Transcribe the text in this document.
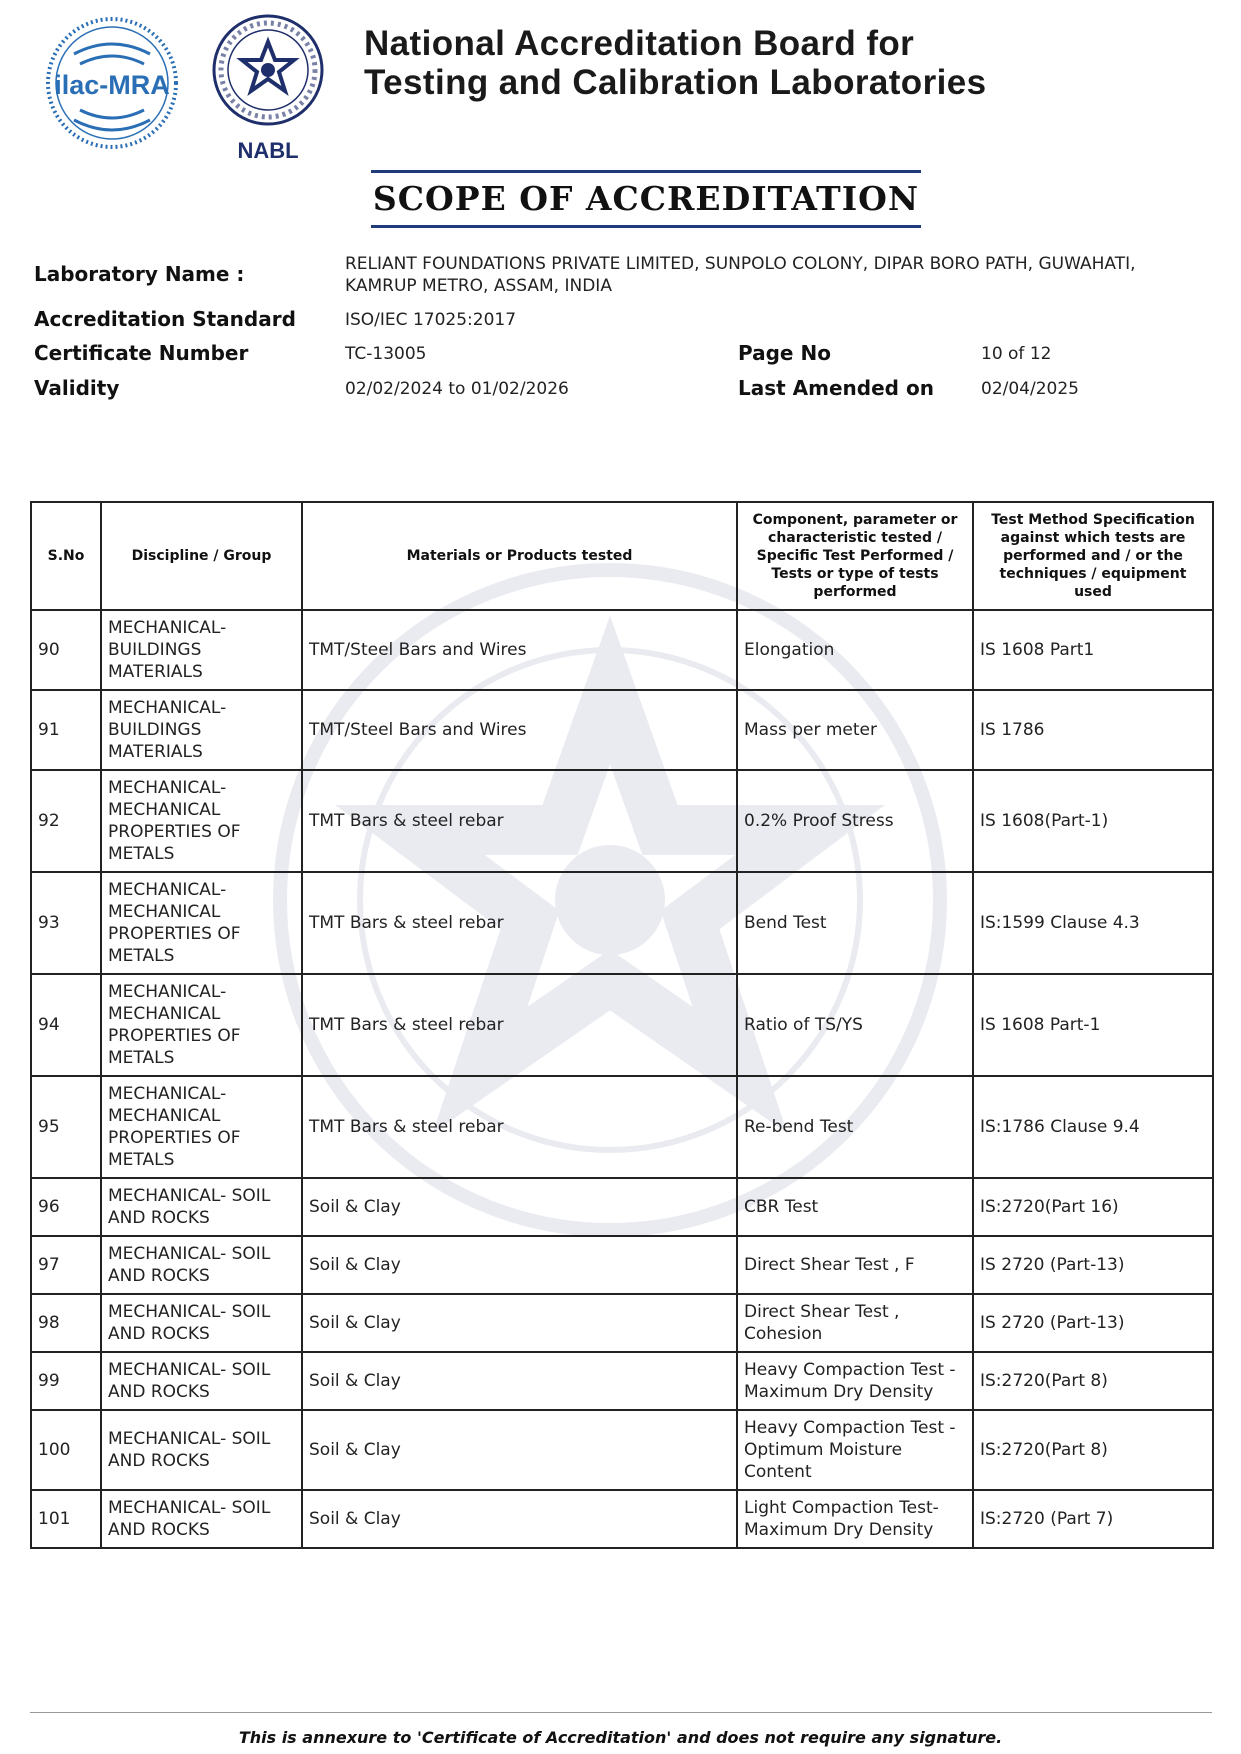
ilac-MRA
NABL
National Accreditation Board for
Testing and Calibration Laboratories
SCOPE OF ACCREDITATION
Laboratory Name :	RELIANT FOUNDATIONS PRIVATE LIMITED, SUNPOLO COLONY, DIPAR BORO PATH, GUWAHATI,
KAMRUP METRO, ASSAM, INDIA
Accreditation Standard	ISO/IEC 17025:2017
Certificate Number	TC-13005	Page No	10 of 12
Validity	02/02/2024 to 01/02/2026	Last Amended on	02/04/2025
S.No	Discipline / Group	Materials or Products tested	Component, parameter or characteristic tested / Specific Test Performed / Tests or type of tests performed	Test Method Specification against which tests are performed and / or the techniques / equipment used
90	MECHANICAL- BUILDINGS MATERIALS	TMT/Steel Bars and Wires	Elongation	IS 1608 Part1
91	MECHANICAL- BUILDINGS MATERIALS	TMT/Steel Bars and Wires	Mass per meter	IS 1786
92	MECHANICAL- MECHANICAL PROPERTIES OF METALS	TMT Bars & steel rebar	0.2% Proof Stress	IS 1608(Part-1)
93	MECHANICAL- MECHANICAL PROPERTIES OF METALS	TMT Bars & steel rebar	Bend Test	IS:1599 Clause 4.3
94	MECHANICAL- MECHANICAL PROPERTIES OF METALS	TMT Bars & steel rebar	Ratio of TS/YS	IS 1608 Part-1
95	MECHANICAL- MECHANICAL PROPERTIES OF METALS	TMT Bars & steel rebar	Re-bend Test	IS:1786 Clause 9.4
96	MECHANICAL- SOIL AND ROCKS	Soil & Clay	CBR Test	IS:2720(Part 16)
97	MECHANICAL- SOIL AND ROCKS	Soil & Clay	Direct Shear Test , F	IS 2720 (Part-13)
98	MECHANICAL- SOIL AND ROCKS	Soil & Clay	Direct Shear Test , Cohesion	IS 2720 (Part-13)
99	MECHANICAL- SOIL AND ROCKS	Soil & Clay	Heavy Compaction Test - Maximum Dry Density	IS:2720(Part 8)
100	MECHANICAL- SOIL AND ROCKS	Soil & Clay	Heavy Compaction Test - Optimum Moisture Content	IS:2720(Part 8)
101	MECHANICAL- SOIL AND ROCKS	Soil & Clay	Light Compaction Test- Maximum Dry Density	IS:2720 (Part 7)
This is annexure to 'Certificate of Accreditation' and does not require any signature.
